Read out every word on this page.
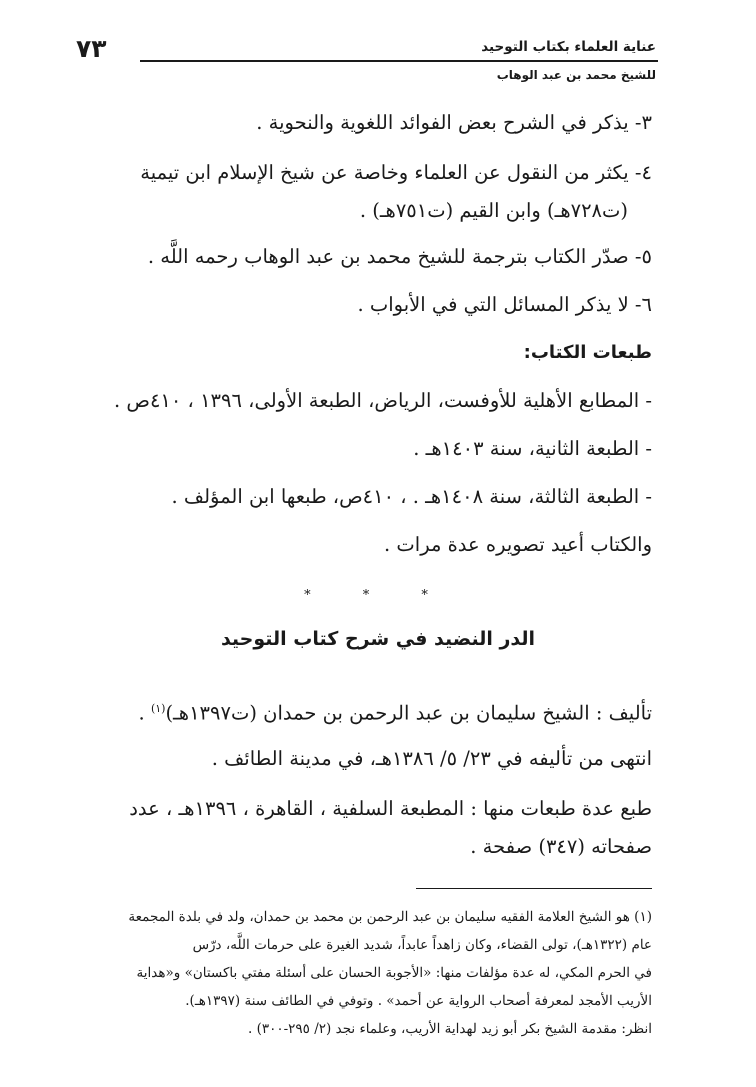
٧٣	عناية العلماء بكتاب التوحيد
للشيخ محمد بن عبد الوهاب
٣- يذكر في الشرح بعض الفوائد اللغوية والنحوية .
٤- يكثر من النقول عن العلماء وخاصة عن شيخ الإسلام ابن تيمية
(ت٧٢٨هـ) وابن القيم (ت٧٥١هـ) .
٥- صدّر الكتاب بترجمة للشيخ محمد بن عبد الوهاب رحمه اللَّه .
٦- لا يذكر المسائل التي في الأبواب .
طبعات الكتاب:
- المطابع الأهلية للأوفست، الرياض، الطبعة الأولى، ١٣٩٦ ، ٤١٠ص .
- الطبعة الثانية، سنة ١٤٠٣هـ .
- الطبعة الثالثة، سنة ١٤٠٨هـ . ، ٤١٠ص، طبعها ابن المؤلف .
والكتاب أعيد تصويره عدة مرات .
* * *
الدر النضيد في شرح كتاب التوحيد
تأليف : الشيخ سليمان بن عبد الرحمن بن حمدان (ت١٣٩٧هـ)$^{(١)}$ .
انتهى من تأليفه في ٢٣/ ٥/ ١٣٨٦هـ، في مدينة الطائف .
طبع عدة طبعات منها : المطبعة السلفية ، القاهرة ، ١٣٩٦هـ ، عدد
صفحاته (٣٤٧) صفحة .

(١) هو الشيخ العلامة الفقيه سليمان بن عبد الرحمن بن محمد بن حمدان، ولد في بلدة المجمعة

عام (١٣٢٢هـ)، تولى القضاء، وكان زاهداً عابداً، شديد الغيرة على حرمات اللَّه، درّس

في الحرم المكي، له عدة مؤلفات منها: «الأجوبة الحسان على أسئلة مفتي باكستان» و«هداية

الأريب الأمجد لمعرفة أصحاب الرواية عن أحمد» . وتوفي في الطائف سنة (١٣٩٧هـ).

انظر: مقدمة الشيخ بكر أبو زيد لهداية الأريب، وعلماء نجد (٢/ ٢٩٥-٣٠٠) .
